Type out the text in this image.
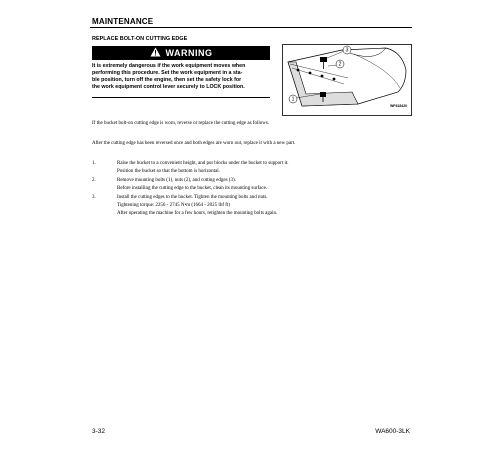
MAINTENANCE
REPLACE BOLT-ON CUTTING EDGE
WARNING
It is extremely dangerous if the work equipment moves when
performing this procedure. Set the work equipment in a sta-
ble position, turn off the engine, then set the safety lock for
the work equipment control lever securely to LOCK position.
3
2
1
WF618420
If the bucket bolt-on cutting edge is worn, reverse or replace the cutting edge as follows.
After the cutting edge has been reversed once and both edges are worn out, replace it with a new part.
1.	Raise the bucket to a convenient height, and put blocks under the bucket to support it.
Position the bucket so that the bottom is horizontal.
2.	Remove mounting bolts (1), nuts (2), and cutting edges (3).
Before installing the cutting edge to the bucket, clean its mounting surface.
3.	Install the cutting edges to the bucket. Tighten the mounting bolts and nuts.
Tightening torque: 2256 - 2745 N•m (1664 - 2025 lbf ft)
After operating the machine for a few hours, retighten the mounting bolts again.
3-32	WA600-3LK
